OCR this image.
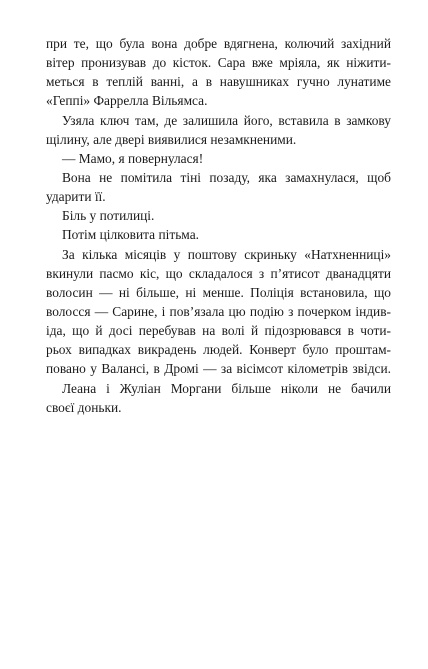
при те, що була вона добре вдягнена, колючий західний
вітер пронизував до кісток. Сара вже мріяла, як ніжити-
меться в теплій ванні, а в навушниках гучно лунатиме
«Геппі» Фаррелла Вільямса.
Узяла ключ там, де залишила його, вставила в замкову
щілину, але двері виявилися незамкненими.
— Мамо, я повернулася!
Вона не помітила тіні позаду, яка замахнулася, щоб
ударити її.
Біль у потилиці.
Потім цілковита пітьма.
За кілька місяців у поштову скриньку «Натхненниці»
вкинули пасмо кіс, що складалося з п’ятисот дванадцяти
волосин — ні більше, ні менше. Поліція встановила, що
волосся — Сарине, і пов’язала цю подію з почерком індив-
іда, що й досі перебував на волі й підозрювався в чоти-
рьох випадках викрадень людей. Конверт було проштам-
повано у Валансі, в Дромі — за вісімсот кілометрів звідси.
Леана і Жуліан Моргани більше ніколи не бачили
своєї доньки.
